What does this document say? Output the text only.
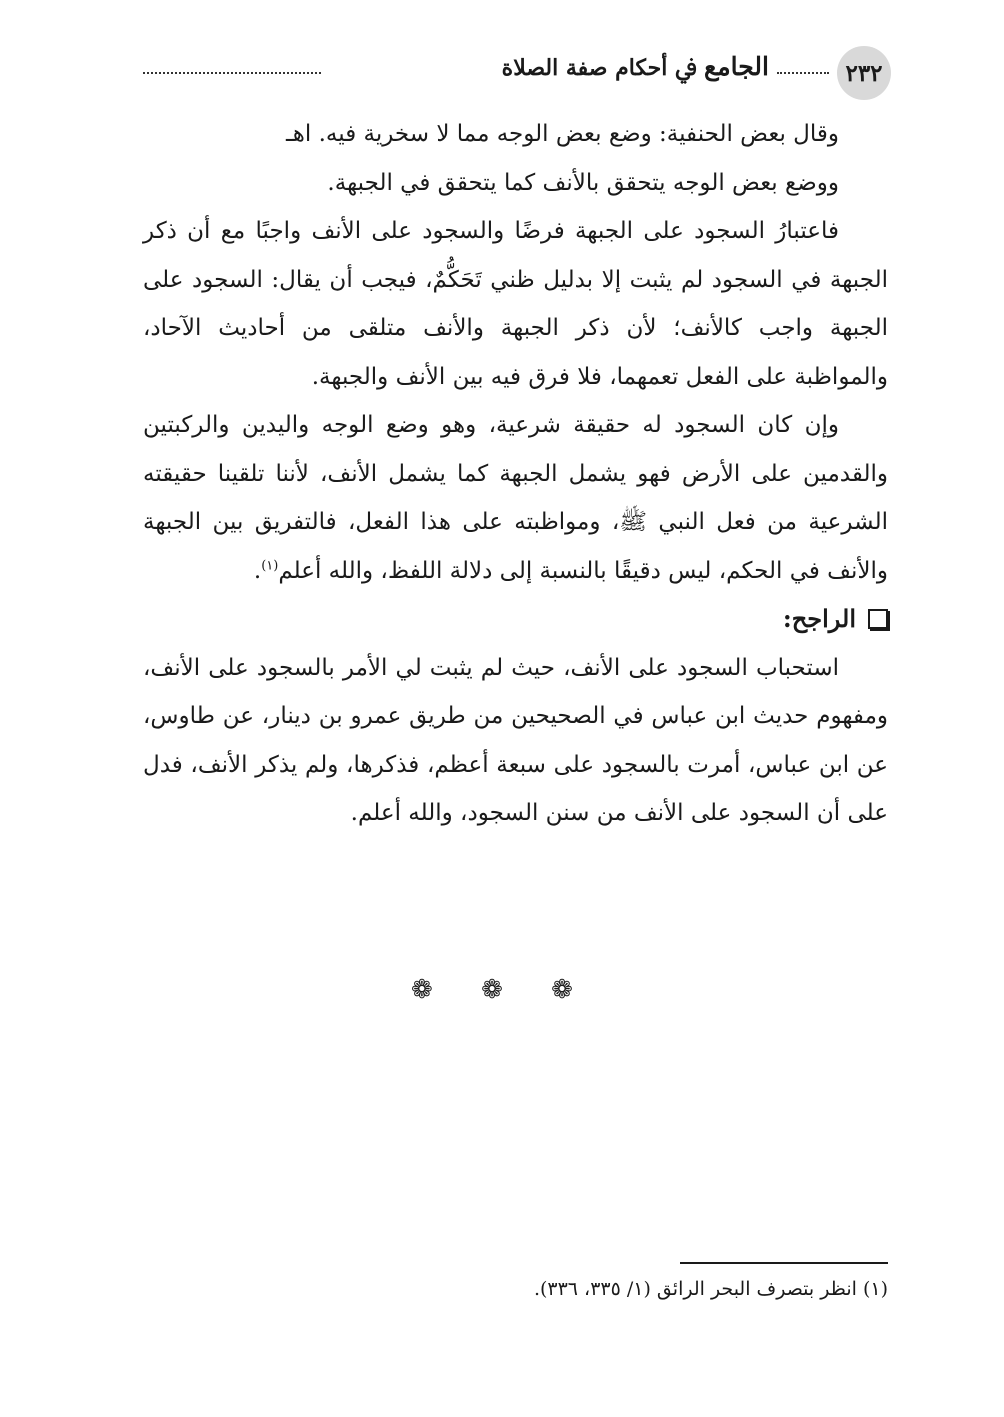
الجامع ﰲ أحكام صفة الصلاة	٢٣٢

وقال بعض الحنفية: وضع بعض الوجه مما لا سخرية فيه. اهـ

ووضع بعض الوجه يتحقق بالأنف كما يتحقق في الجبهة.

فاعتبارُ السجود على الجبهة فرضًا والسجود على الأنف واجبًا مع أن ذكر الجبهة في السجود لم يثبت إلا بدليل ظني تَحَكُّمٌ، فيجب أن يقال: السجود على الجبهة واجب كالأنف؛ لأن ذكر الجبهة والأنف متلقى من أحاديث الآحاد، والمواظبة على الفعل تعمهما، فلا فرق فيه بين الأنف والجبهة.

وإن كان السجود له حقيقة شرعية، وهو وضع الوجه واليدين والركبتين والقدمين على الأرض فهو يشمل الجبهة كما يشمل الأنف، لأننا تلقينا حقيقته الشرعية من فعل النبي ﷺ، ومواظبته على هذا الفعل، فالتفريق بين الجبهة والأنف في الحكم، ليس دقيقًا بالنسبة إلى دلالة اللفظ، والله أعلم$^{(١)}$.

الراجح:

استحباب السجود على الأنف، حيث لم يثبت لي الأمر بالسجود على الأنف، ومفهوم حديث ابن عباس في الصحيحين من طريق عمرو بن دينار، عن طاوس، عن ابن عباس، أمرت بالسجود على سبعة أعظم، فذكرها، ولم يذكر الأنف، فدل على أن السجود على الأنف من سنن السجود، والله أعلم.

❁ ❁ ❁
(١) انظر بتصرف البحر الرائق (١/ ٣٣٥، ٣٣٦).
